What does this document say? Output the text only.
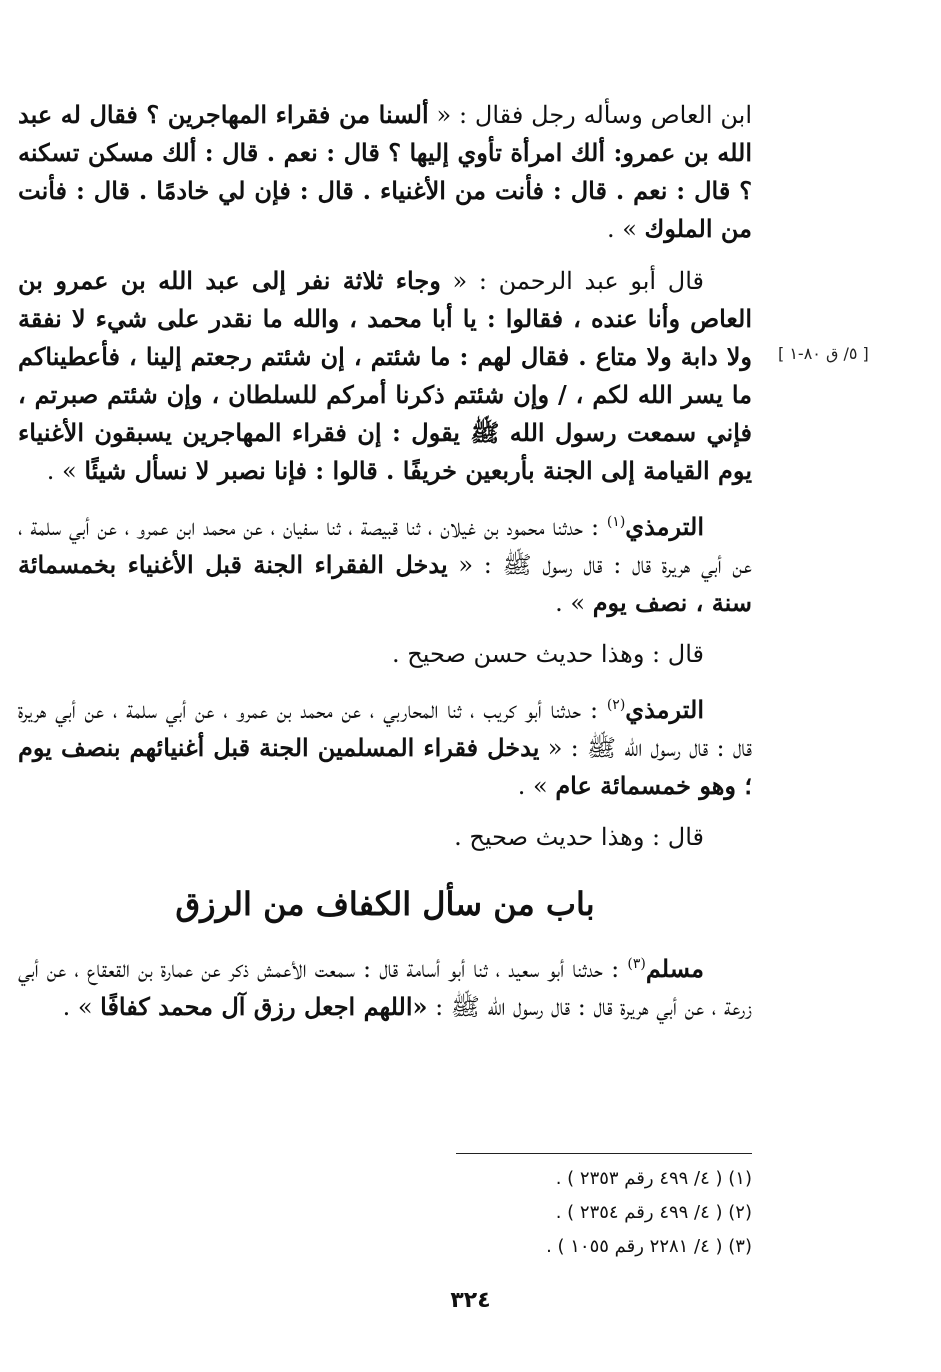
[ ٥/ ق ٨٠-١ ]

ابن العاص وسأله رجل فقال : « ألسنا من فقراء المهاجرين ؟ فقال له عبد الله بن عمرو: ألك امرأة تأوي إليها ؟ قال : نعم . قال : ألك مسكن تسكنه ؟ قال : نعم . قال : فأنت من الأغنياء . قال : فإن لي خادمًا . قال : فأنت من الملوك » .

قال أبو عبد الرحمن : « وجاء ثلاثة نفر إلى عبد الله بن عمرو بن العاص وأنا عنده ، فقالوا : يا أبا محمد ، والله ما نقدر على شيء لا نفقة ولا دابة ولا متاع . فقال لهم : ما شئتم ، إن شئتم رجعتم إلينا ، فأعطيناكم ما يسر الله لكم ، / وإن شئتم ذكرنا أمركم للسلطان ، وإن شئتم صبرتم ، فإني سمعت رسول الله ﷺ يقول : إن فقراء المهاجرين يسبقون الأغنياء يوم القيامة إلى الجنة بأربعين خريفًا . قالوا : فإنا نصبر لا نسأل شيئًا » .

الترمذي$^{(١)}$ : حدثنا محمود بن غيلان ، ثنا قبيصة ، ثنا سفيان ، عن محمد ابن عمرو ، عن أبي سلمة ، عن أبي هريرة قال : قال رسول ﷺ : « يدخل الفقراء الجنة قبل الأغنياء بخمسمائة سنة ، نصف يوم » .

قال : وهذا حديث حسن صحيح .

الترمذي$^{(٢)}$ : حدثنا أبو كريب ، ثنا المحاربي ، عن محمد بن عمرو ، عن أبي سلمة ، عن أبي هريرة قال : قال رسول الله ﷺ : « يدخل فقراء المسلمين الجنة قبل أغنيائهم بنصف يوم ؛ وهو خمسمائة عام » .

قال : وهذا حديث صحيح .

باب من سأل الكفاف من الرزق

مسلم$^{(٣)}$ : حدثنا أبو سعيد ، ثنا أبو أسامة قال : سمعت الأعمش ذكر عن عمارة بن القعقاع ، عن أبي زرعة ، عن أبي هريرة قال : قال رسول الله ﷺ : «اللهم اجعل رزق آل محمد كفافًا » .

(١) ( ٤/ ٤٩٩ رقم ٢٣٥٣ ) .

(٢) ( ٤/ ٤٩٩ رقم ٢٣٥٤ ) .

(٣) ( ٤/ ٢٢٨١ رقم ١٠٥٥ ) .

٣٢٤
